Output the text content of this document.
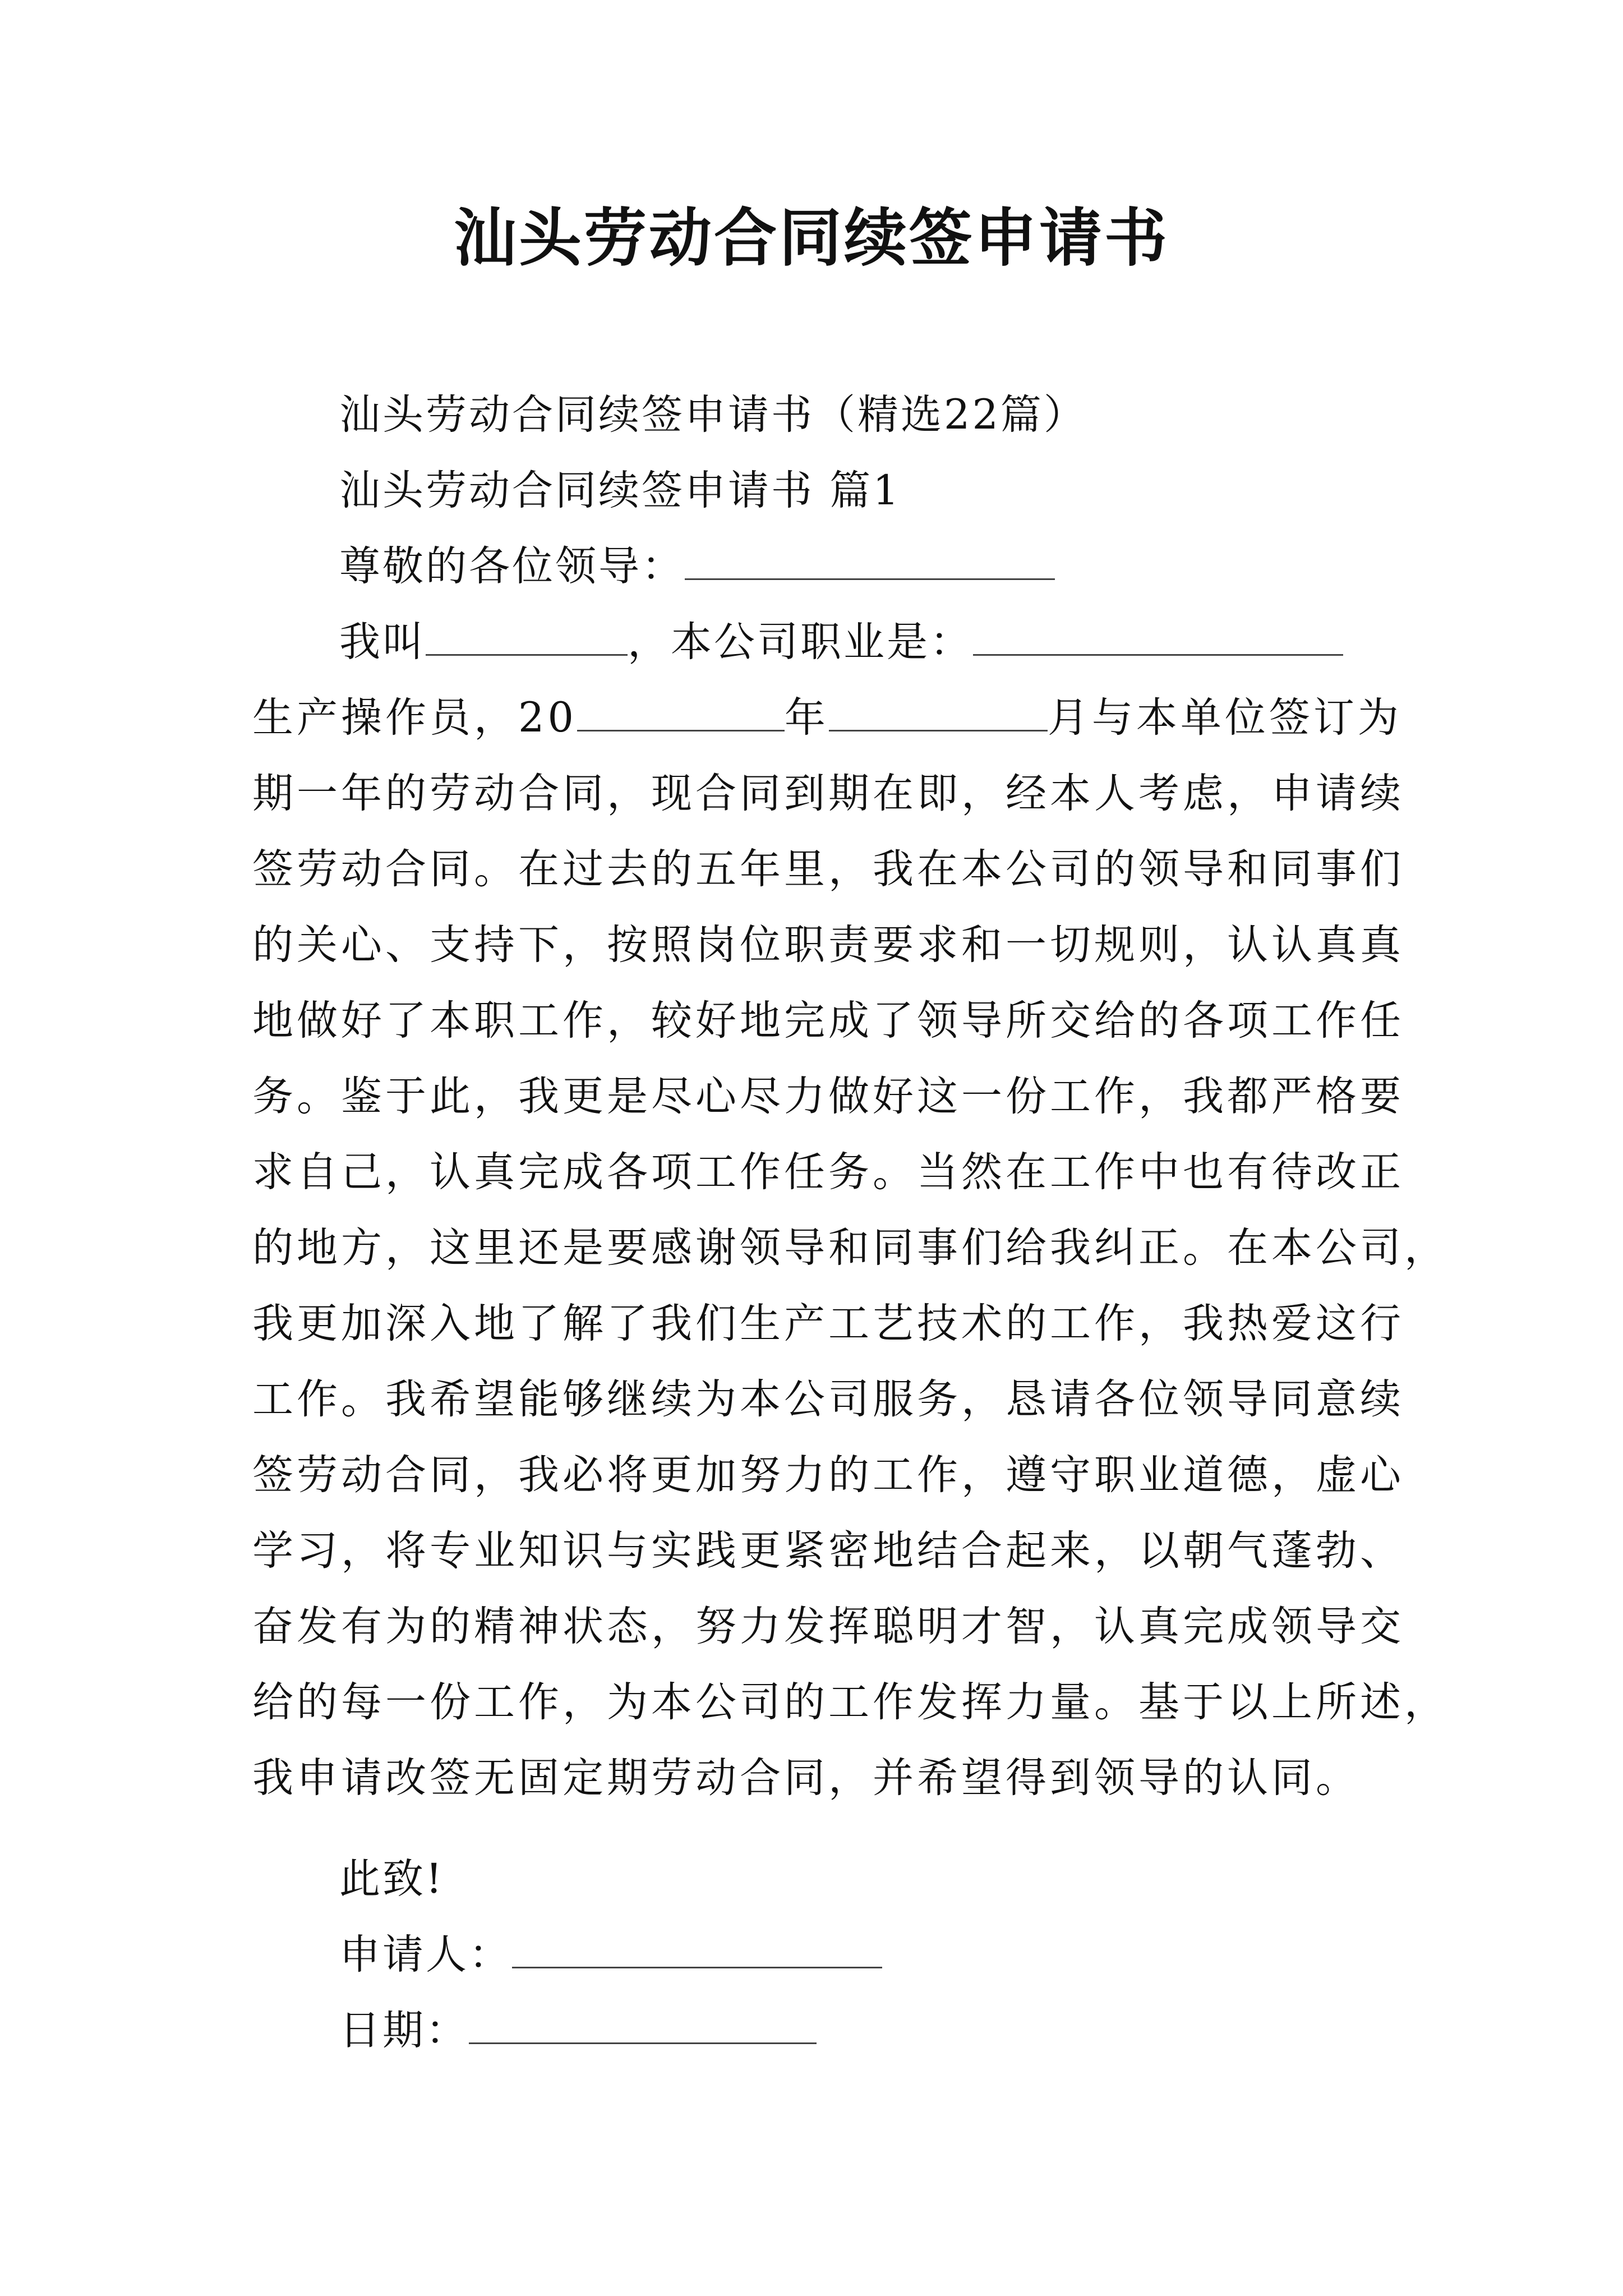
汕头劳动合同续签申请书
汕头劳动合同续签申请书（精选22篇）
汕头劳动合同续签申请书 篇1
尊敬的各位领导：
我叫	，本公司职业是：
生产操作员，20	年	月与本单位签订为
期一年的劳动合同，现合同到期在即，经本人考虑，申请续
签劳动合同。在过去的五年里，我在本公司的领导和同事们
的关心、支持下，按照岗位职责要求和一切规则，认认真真
地做好了本职工作，较好地完成了领导所交给的各项工作任
务。鉴于此，我更是尽心尽力做好这一份工作，我都严格要
求自己，认真完成各项工作任务。当然在工作中也有待改正
的地方，这里还是要感谢领导和同事们给我纠正。在本公司，
我更加深入地了解了我们生产工艺技术的工作，我热爱这行
工作。我希望能够继续为本公司服务，恳请各位领导同意续
签劳动合同，我必将更加努力的工作，遵守职业道德，虚心
学习，将专业知识与实践更紧密地结合起来，以朝气蓬勃、
奋发有为的精神状态，努力发挥聪明才智，认真完成领导交
给的每一份工作，为本公司的工作发挥力量。基于以上所述，
我申请改签无固定期劳动合同，并希望得到领导的认同。
此致!
申请人：
日期：
